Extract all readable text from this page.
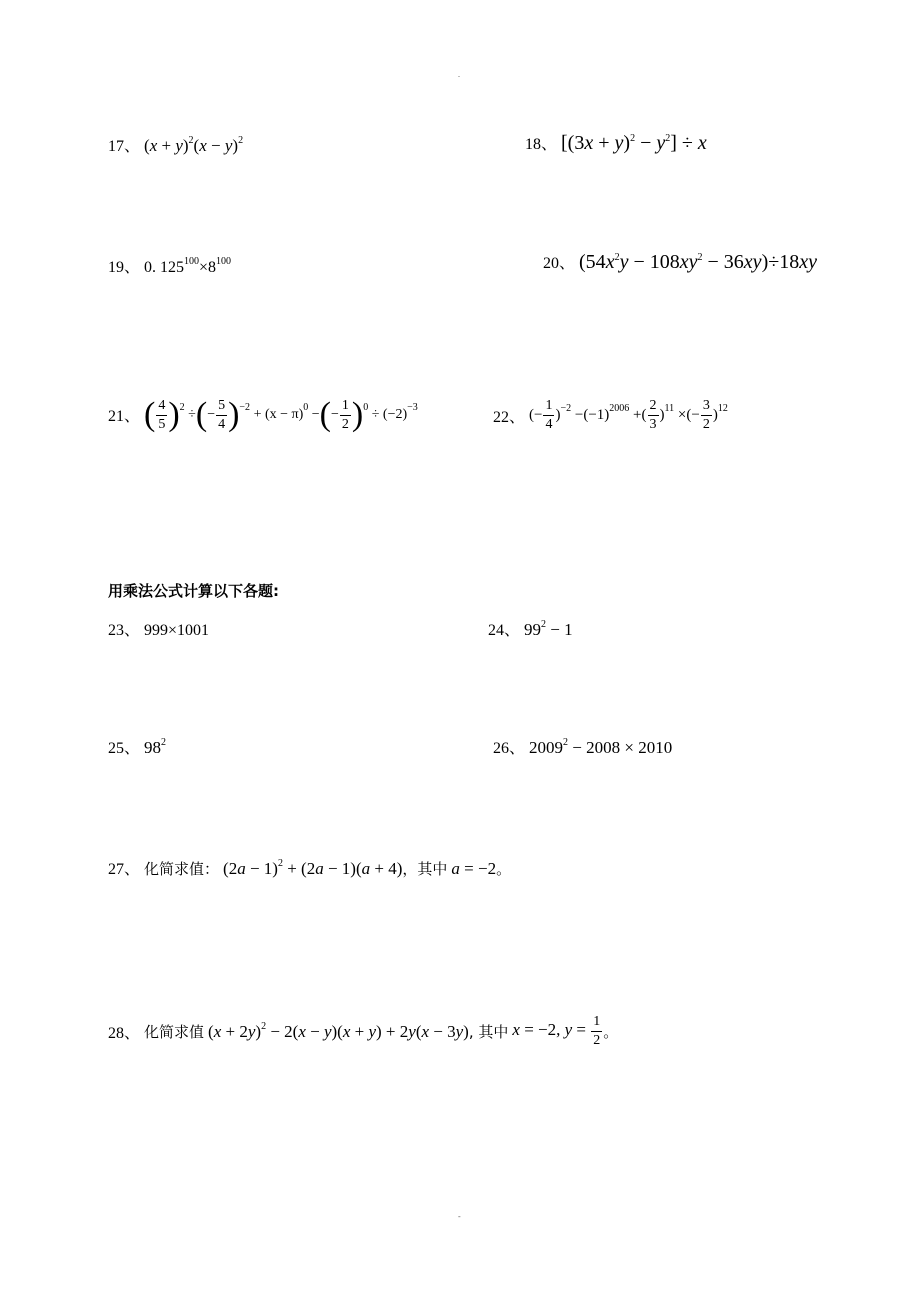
.
17、 $(x + y)^2(x - y)^2$	18、 $[(3x + y)^2 - y^2] \div x$
19、 0. $125^{100}\times 8^{100}$	20、 $(54x^2y - 108xy^2 - 36xy)\div 18xy$
21、 ( $\frac{4}{5} )^2$ ÷(− $\frac{5}{4} )^{-2} + (x - \pi)^0$ −(− $\frac{1}{2} )^0 \div (-2)^{-3}$
22、 (− $\frac{1}{4} )^{-2} -(-1)^{2006}$ +( $\frac{2}{3} )^{11}$ ×(− $\frac{3}{2} )^{12}$
用乘法公式计算以下各题:
23、 999×1001	24、 $99^2 - 1$
25、 $98^2$	26、 $2009^2 - 2008 \times 2010$
27、 化简求值： $(2a - 1)^2 + (2a - 1)(a + 4)$，其中 a = −2。
28、 化简求值 $(x + 2y)^2 - 2(x - y)(x + y) + 2y(x - 3y)$, 其中 x = −2, $y = \frac{1}{2}$ 。
-
